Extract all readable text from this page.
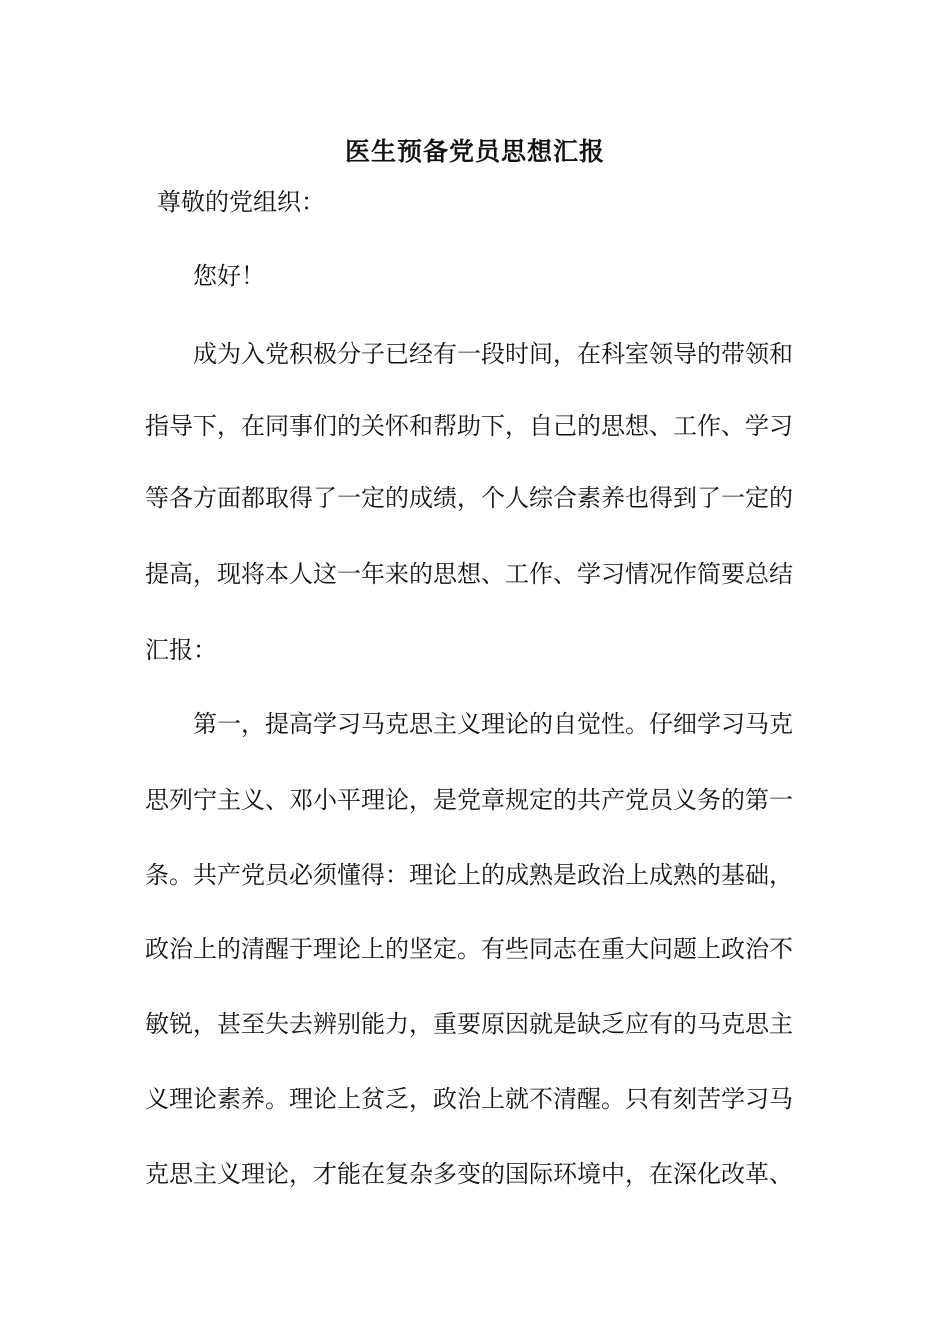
医生预备党员思想汇报
尊敬的党组织：
您好！
成为入党积极分子已经有一段时间，在科室领导的带领和
指导下，在同事们的关怀和帮助下，自己的思想、工作、学习
等各方面都取得了一定的成绩，个人综合素养也得到了一定的
提高，现将本人这一年来的思想、工作、学习情况作简要总结
汇报：
第一，提高学习马克思主义理论的自觉性。仔细学习马克
思列宁主义、邓小平理论，是党章规定的共产党员义务的第一
条。共产党员必须懂得：理论上的成熟是政治上成熟的基础，
政治上的清醒于理论上的坚定。有些同志在重大问题上政治不
敏锐，甚至失去辨别能力，重要原因就是缺乏应有的马克思主
义理论素养。理论上贫乏，政治上就不清醒。只有刻苦学习马
克思主义理论，才能在复杂多变的国际环境中，在深化改革、
